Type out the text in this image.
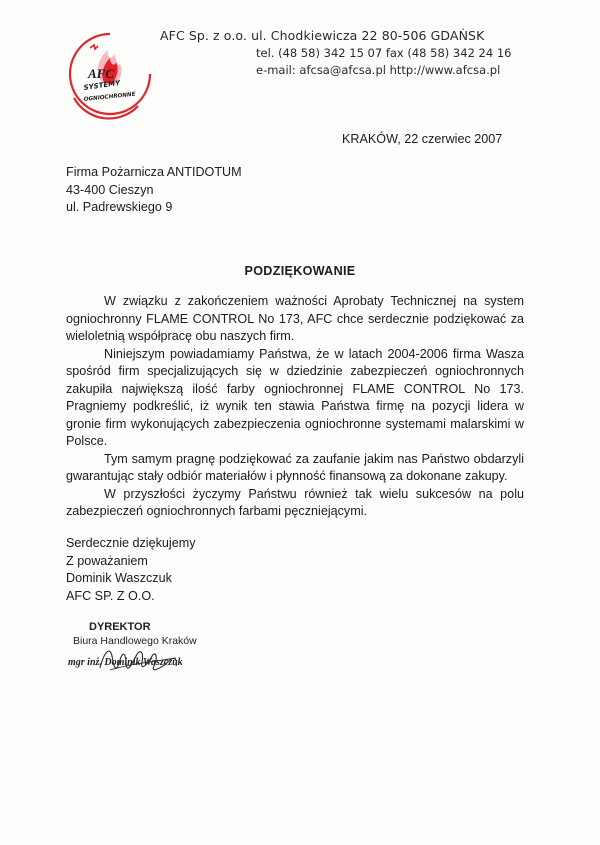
AFC
SYSTEMY
OGNIOCHRONNE
AFC Sp. z o.o. ul. Chodkiewicza 22 80-506 GDAŃSK
tel. (48 58) 342 15 07 fax (48 58) 342 24 16
e-mail: afcsa@afcsa.pl http://www.afcsa.pl
KRAKÓW, 22 czerwiec 2007
Firma Pożarnicza ANTIDOTUM
43-400 Cieszyn
ul. Padrewskiego 9
PODZIĘKOWANIE

W związku z zakończeniem ważności Aprobaty Technicznej na system ogniochronny FLAME CONTROL No 173, AFC chce serdecznie podziękować za wieloletnią współpracę obu naszych firm.

Niniejszym powiadamiamy Państwa, że w latach 2004-2006 firma Wasza spośród firm specjalizujących się w dziedzinie zabezpieczeń ogniochronnych zakupiła największą ilość farby ogniochronnej FLAME CONTROL No 173. Pragniemy podkreślić, iż wynik ten stawia Państwa firmę na pozycji lidera w gronie firm wykonujących zabezpieczenia ogniochronne systemami malarskimi w Polsce.

Tym samym pragnę podziękować za zaufanie jakim nas Państwo obdarzyli gwarantując stały odbiór materiałów i płynność finansową za dokonane zakupy.

W przyszłości życzymy Państwu również tak wielu sukcesów na polu zabezpieczeń ogniochronnych farbami pęczniejącymi.

Serdecznie dziękujemy
Z poważaniem
Dominik Waszczuk
AFC SP. Z O.O.
DYREKTOR
Biura Handlowego Kraków
mgr inż. Dominik Waszczuk
